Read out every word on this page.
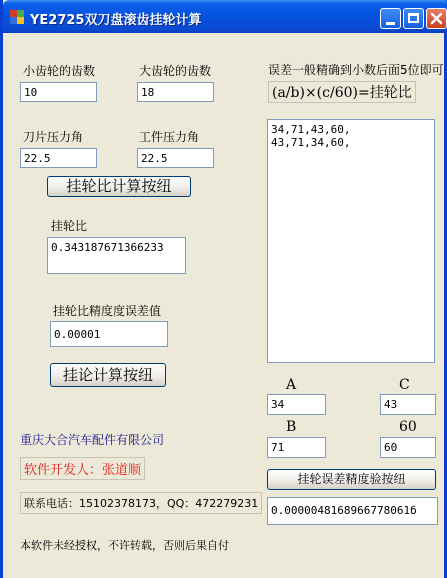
YE2725双刀盘滚齿挂轮计算
小齿轮的齿数
10
大齿轮的齿数
18
刀片压力角
22.5
工件压力角
22.5
挂轮比计算按纽
挂轮比
0.343187671366233
挂轮比精度度误差值
0.00001
挂论计算按纽
重庆大合汽车配件有限公司
软件开发人：张道顺
联系电话：15102378173，QQ：472279231
本软件未经授权，不许转载，否则后果自付
误差一般精确到小数后面5位即可
(a/b)×(c/60)=挂轮比
34,71,43,60,
43,71,34,60,
A
34
C
43
B
71
60
60
挂轮误差精度验按纽
0.0000048168966778061б
